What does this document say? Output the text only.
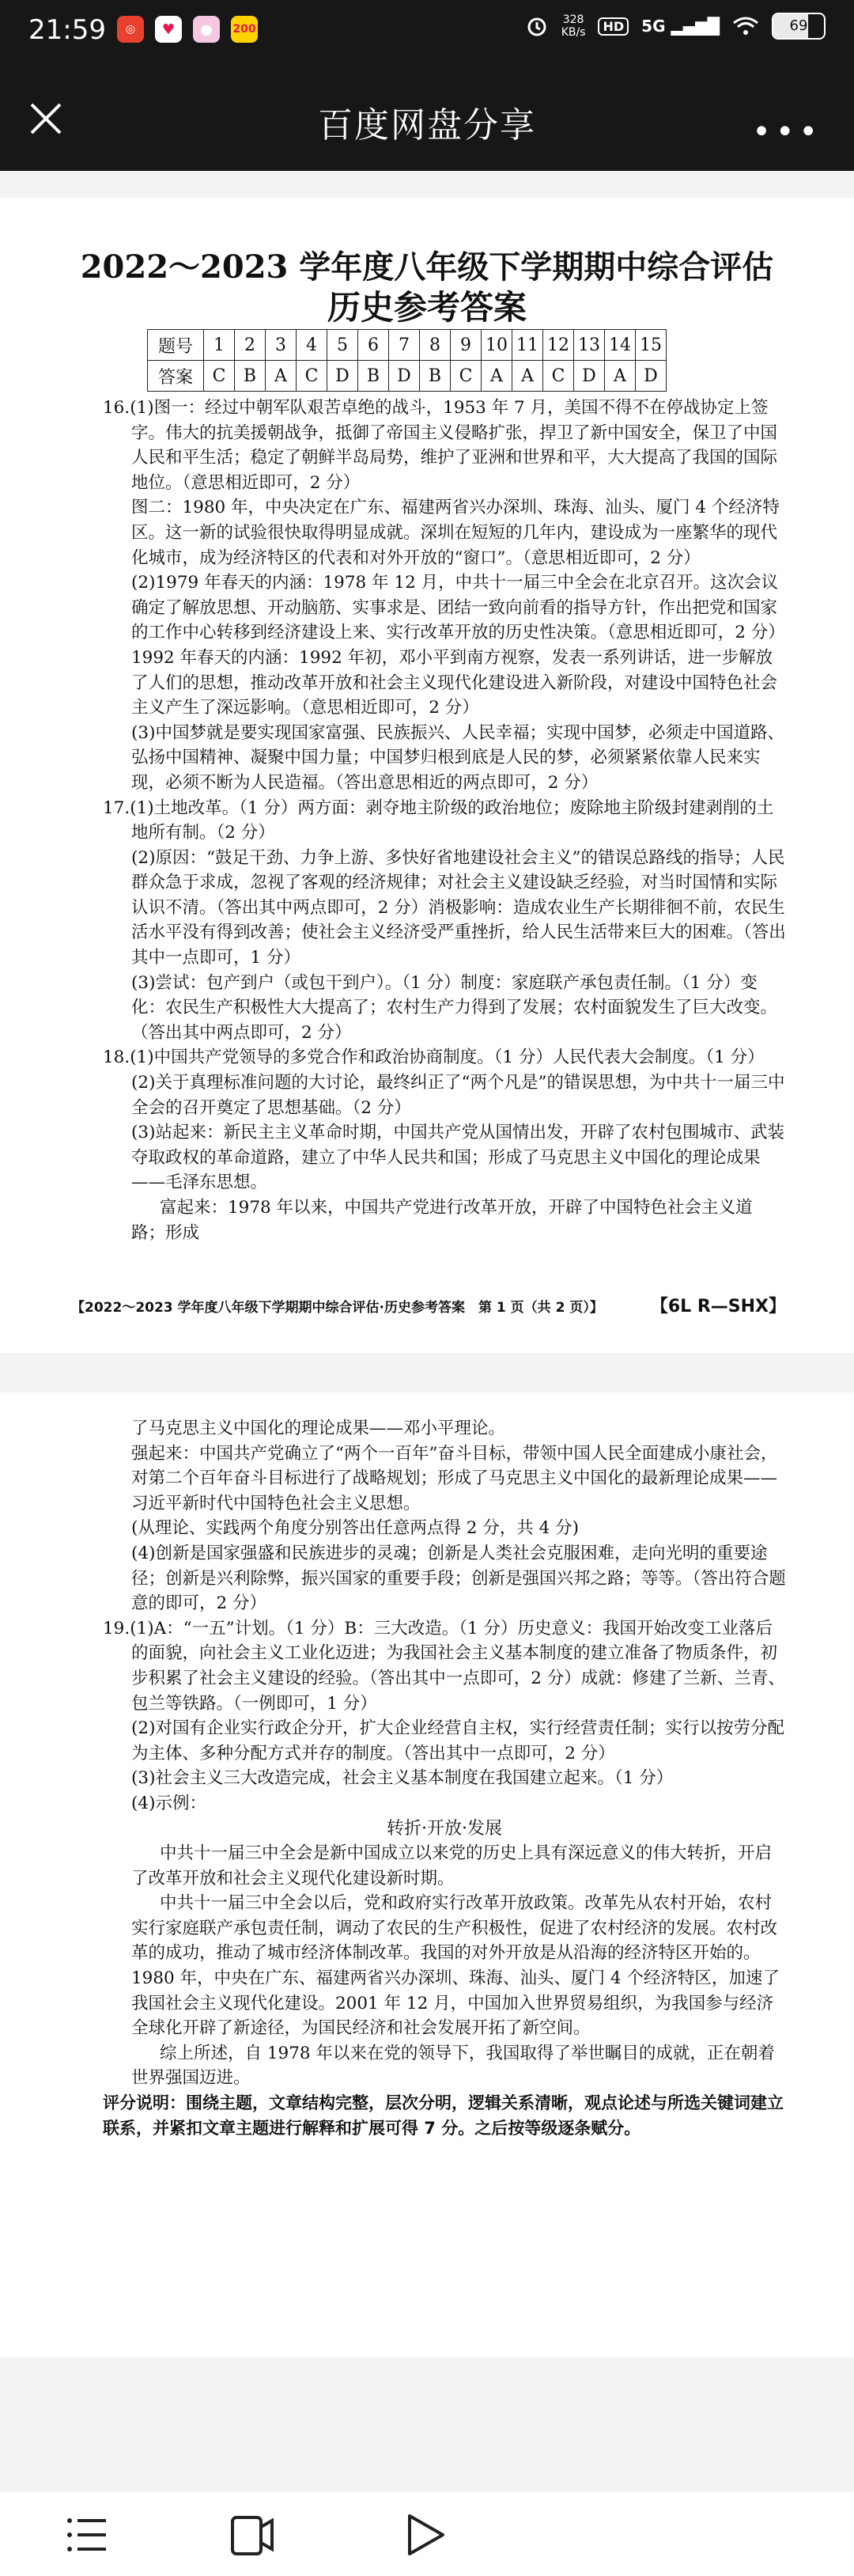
21:59 ◎	♥	●	200
328
KB/s	HD	5G ▂▄▆█	69
百度网盘分享	•••
2022～2023 学年度八年级下学期期中综合评估
历史参考答案
题号	1	2	3	4	5	6	7	8	9	10	11	12	13	14	15
答案	C	B	A	C	D	B	D	B	C	A	A	C	D	A	D

16.(1)图一：经过中朝军队艰苦卓绝的战斗，1953 年 7 月，美国不得不在停战协定上签字。伟大的抗美援朝战争，抵御了帝国主义侵略扩张，捍卫了新中国安全，保卫了中国人民和平生活；稳定了朝鲜半岛局势，维护了亚洲和世界和平，大大提高了我国的国际地位。（意思相近即可，2 分）

图二：1980 年，中央决定在广东、福建两省兴办深圳、珠海、汕头、厦门 4 个经济特区。这一新的试验很快取得明显成就。深圳在短短的几年内，建设成为一座繁华的现代化城市，成为经济特区的代表和对外开放的“窗口”。（意思相近即可，2 分）

(2)1979 年春天的内涵：1978 年 12 月，中共十一届三中全会在北京召开。这次会议确定了解放思想、开动脑筋、实事求是、团结一致向前看的指导方针，作出把党和国家的工作中心转移到经济建设上来、实行改革开放的历史性决策。（意思相近即可，2 分）

1992 年春天的内涵：1992 年初，邓小平到南方视察，发表一系列讲话，进一步解放了人们的思想，推动改革开放和社会主义现代化建设进入新阶段，对建设中国特色社会主义产生了深远影响。（意思相近即可，2 分）

(3)中国梦就是要实现国家富强、民族振兴、人民幸福；实现中国梦，必须走中国道路、弘扬中国精神、凝聚中国力量；中国梦归根到底是人民的梦，必须紧紧依靠人民来实现，必须不断为人民造福。（答出意思相近的两点即可，2 分）

17.(1)土地改革。（1 分）两方面：剥夺地主阶级的政治地位；废除地主阶级封建剥削的土地所有制。（2 分）

(2)原因：“鼓足干劲、力争上游、多快好省地建设社会主义”的错误总路线的指导；人民群众急于求成，忽视了客观的经济规律；对社会主义建设缺乏经验，对当时国情和实际认识不清。（答出其中两点即可，2 分）消极影响：造成农业生产长期徘徊不前，农民生活水平没有得到改善；使社会主义经济受严重挫折，给人民生活带来巨大的困难。（答出其中一点即可，1 分）

(3)尝试：包产到户（或包干到户）。（1 分）制度：家庭联产承包责任制。（1 分）变化：农民生产积极性大大提高了；农村生产力得到了发展；农村面貌发生了巨大改变。（答出其中两点即可，2 分）

18.(1)中国共产党领导的多党合作和政治协商制度。（1 分）人民代表大会制度。（1 分）

(2)关于真理标准问题的大讨论，最终纠正了“两个凡是”的错误思想，为中共十一届三中全会的召开奠定了思想基础。（2 分）

(3)站起来：新民主主义革命时期，中国共产党从国情出发，开辟了农村包围城市、武装夺取政权的革命道路，建立了中华人民共和国；形成了马克思主义中国化的理论成果——毛泽东思想。

富起来：1978 年以来，中国共产党进行改革开放，开辟了中国特色社会主义道路；形成

【2022～2023 学年度八年级下学期期中综合评估·历史参考答案　第 1 页（共 2 页）】	【6L R—SHX】

了马克思主义中国化的理论成果——邓小平理论。

强起来：中国共产党确立了“两个一百年”奋斗目标，带领中国人民全面建成小康社会，对第二个百年奋斗目标进行了战略规划；形成了马克思主义中国化的最新理论成果——习近平新时代中国特色社会主义思想。

(从理论、实践两个角度分别答出任意两点得 2 分，共 4 分)

(4)创新是国家强盛和民族进步的灵魂；创新是人类社会克服困难，走向光明的重要途径；创新是兴利除弊，振兴国家的重要手段；创新是强国兴邦之路；等等。（答出符合题意的即可，2 分）

19.(1)A：“一五”计划。（1 分）B：三大改造。（1 分）历史意义：我国开始改变工业落后的面貌，向社会主义工业化迈进；为我国社会主义基本制度的建立准备了物质条件，初步积累了社会主义建设的经验。（答出其中一点即可，2 分）成就：修建了兰新、兰青、包兰等铁路。（一例即可，1 分）

(2)对国有企业实行政企分开，扩大企业经营自主权，实行经营责任制；实行以按劳分配为主体、多种分配方式并存的制度。（答出其中一点即可，2 分）

(3)社会主义三大改造完成，社会主义基本制度在我国建立起来。（1 分）

(4)示例：

转折·开放·发展

中共十一届三中全会是新中国成立以来党的历史上具有深远意义的伟大转折，开启了改革开放和社会主义现代化建设新时期。

中共十一届三中全会以后，党和政府实行改革开放政策。改革先从农村开始，农村实行家庭联产承包责任制，调动了农民的生产积极性，促进了农村经济的发展。农村改革的成功，推动了城市经济体制改革。我国的对外开放是从沿海的经济特区开始的。1980 年，中央在广东、福建两省兴办深圳、珠海、汕头、厦门 4 个经济特区，加速了我国社会主义现代化建设。2001 年 12 月，中国加入世界贸易组织，为我国参与经济全球化开辟了新途径，为国民经济和社会发展开拓了新空间。

综上所述，自 1978 年以来在党的领导下，我国取得了举世瞩目的成就，正在朝着世界强国迈进。

评分说明：围绕主题，文章结构完整，层次分明，逻辑关系清晰，观点论述与所选关键词建立联系，并紧扣文章主题进行解释和扩展可得 7 分。之后按等级逐条赋分。
